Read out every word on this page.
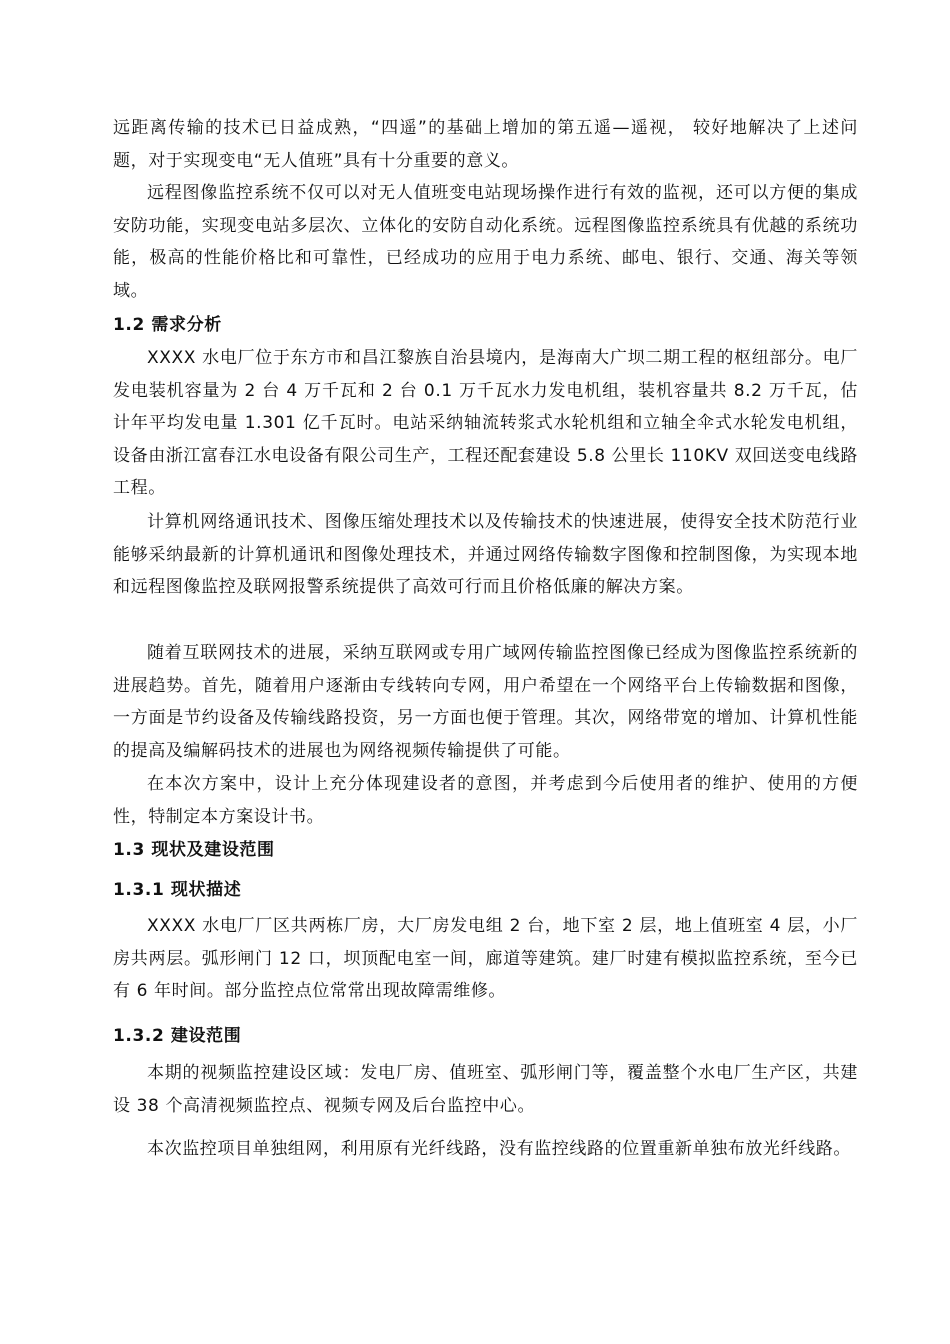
远距离传输的技术已日益成熟，“四遥”的基础上增加的第五遥—遥视， 较好地解决了上述问题，对于实现变电“无人值班”具有十分重要的意义。

远程图像监控系统不仅可以对无人值班变电站现场操作进行有效的监视，还可以方便的集成安防功能，实现变电站多层次、立体化的安防自动化系统。远程图像监控系统具有优越的系统功能，极高的性能价格比和可靠性，已经成功的应用于电力系统、邮电、银行、交通、海关等领域。

1.2 需求分析

XXXX 水电厂位于东方市和昌江黎族自治县境内，是海南大广坝二期工程的枢纽部分。电厂发电装机容量为 2 台 4 万千瓦和 2 台 0.1 万千瓦水力发电机组，装机容量共 8.2 万千瓦，估计年平均发电量 1.301 亿千瓦时。电站采纳轴流转浆式水轮机组和立轴全伞式水轮发电机组，设备由浙江富春江水电设备有限公司生产，工程还配套建设 5.8 公里长 110KV 双回送变电线路工程。

计算机网络通讯技术、图像压缩处理技术以及传输技术的快速进展，使得安全技术防范行业能够采纳最新的计算机通讯和图像处理技术，并通过网络传输数字图像和控制图像，为实现本地和远程图像监控及联网报警系统提供了高效可行而且价格低廉的解决方案。

随着互联网技术的进展，采纳互联网或专用广域网传输监控图像已经成为图像监控系统新的进展趋势。首先，随着用户逐渐由专线转向专网，用户希望在一个网络平台上传输数据和图像，一方面是节约设备及传输线路投资，另一方面也便于管理。其次，网络带宽的增加、计算机性能的提高及编解码技术的进展也为网络视频传输提供了可能。

在本次方案中，设计上充分体现建设者的意图，并考虑到今后使用者的维护、使用的方便性，特制定本方案设计书。

1.3 现状及建设范围

1.3.1 现状描述

XXXX 水电厂厂区共两栋厂房，大厂房发电组 2 台，地下室 2 层，地上值班室 4 层，小厂房共两层。弧形闸门 12 口，坝顶配电室一间，廊道等建筑。建厂时建有模拟监控系统，至今已有 6 年时间。部分监控点位常常出现故障需维修。

1.3.2 建设范围

本期的视频监控建设区域：发电厂房、值班室、弧形闸门等，覆盖整个水电厂生产区，共建设 38 个高清视频监控点、视频专网及后台监控中心。

本次监控项目单独组网，利用原有光纤线路，没有监控线路的位置重新单独布放光纤线路。
